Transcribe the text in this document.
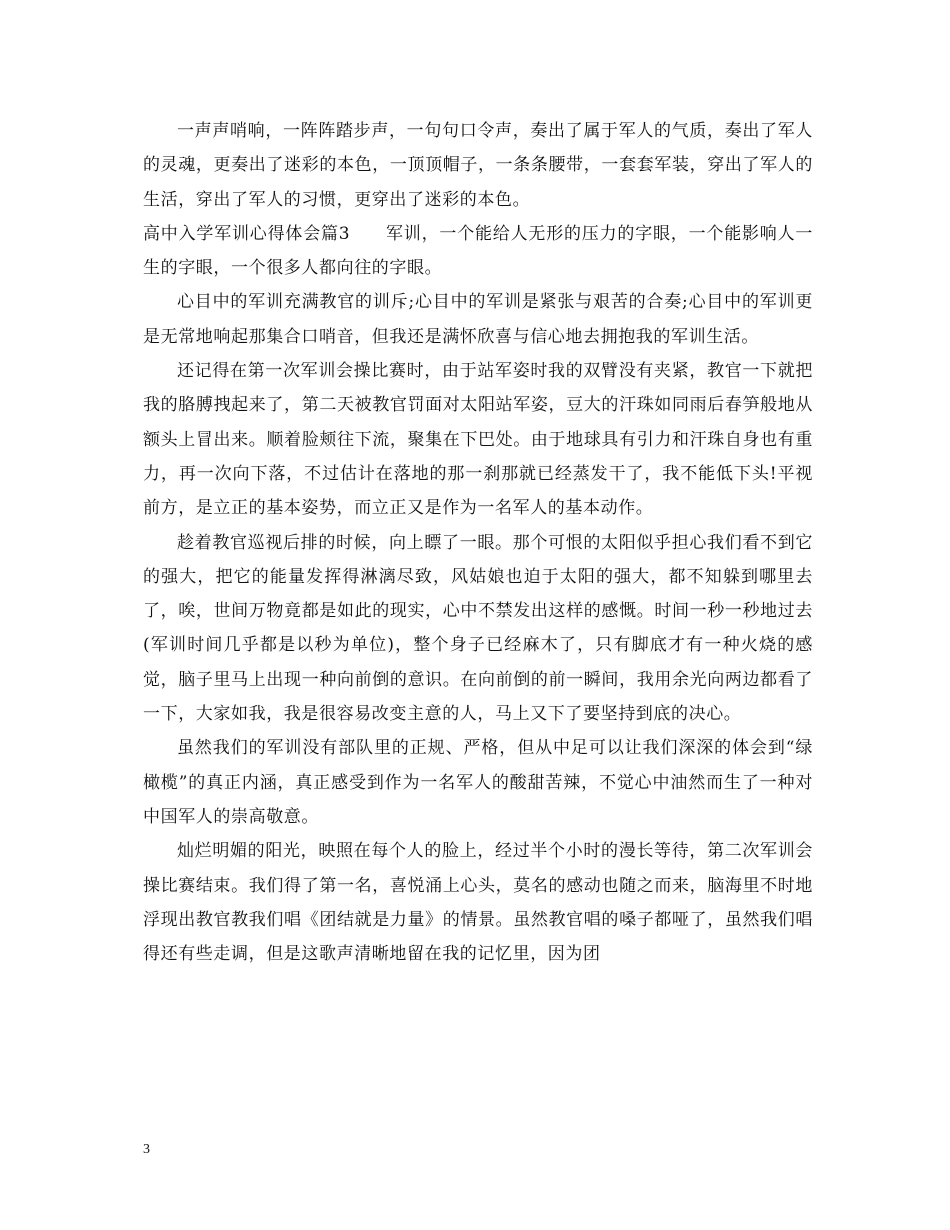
一声声哨响，一阵阵踏步声，一句句口令声，奏出了属于军人的气质，奏出了军人的灵魂，更奏出了迷彩的本色，一顶顶帽子，一条条腰带，一套套军装，穿出了军人的生活，穿出了军人的习惯，更穿出了迷彩的本色。

高中入学军训心得体会篇3　　军训，一个能给人无形的压力的字眼，一个能影响人一生的字眼，一个很多人都向往的字眼。

心目中的军训充满教官的训斥;心目中的军训是紧张与艰苦的合奏;心目中的军训更是无常地响起那集合口哨音，但我还是满怀欣喜与信心地去拥抱我的军训生活。

还记得在第一次军训会操比赛时，由于站军姿时我的双臂没有夹紧，教官一下就把我的胳膊拽起来了，第二天被教官罚面对太阳站军姿，豆大的汗珠如同雨后春笋般地从额头上冒出来。顺着脸颊往下流，聚集在下巴处。由于地球具有引力和汗珠自身也有重力，再一次向下落，不过估计在落地的那一刹那就已经蒸发干了，我不能低下头!平视前方，是立正的基本姿势，而立正又是作为一名军人的基本动作。

趁着教官巡视后排的时候，向上瞟了一眼。那个可恨的太阳似乎担心我们看不到它的强大，把它的能量发挥得淋漓尽致，风姑娘也迫于太阳的强大，都不知躲到哪里去了，唉，世间万物竟都是如此的现实，心中不禁发出这样的感慨。时间一秒一秒地过去(军训时间几乎都是以秒为单位)，整个身子已经麻木了，只有脚底才有一种火烧的感觉，脑子里马上出现一种向前倒的意识。在向前倒的前一瞬间，我用余光向两边都看了一下，大家如我，我是很容易改变主意的人，马上又下了要坚持到底的决心。

虽然我们的军训没有部队里的正规、严格，但从中足可以让我们深深的体会到“绿橄榄”的真正内涵，真正感受到作为一名军人的酸甜苦辣，不觉心中油然而生了一种对中国军人的崇高敬意。

灿烂明媚的阳光，映照在每个人的脸上，经过半个小时的漫长等待，第二次军训会操比赛结束。我们得了第一名，喜悦涌上心头，莫名的感动也随之而来，脑海里不时地浮现出教官教我们唱《团结就是力量》的情景。虽然教官唱的嗓子都哑了，虽然我们唱得还有些走调，但是这歌声清晰地留在我的记忆里，因为团

3
